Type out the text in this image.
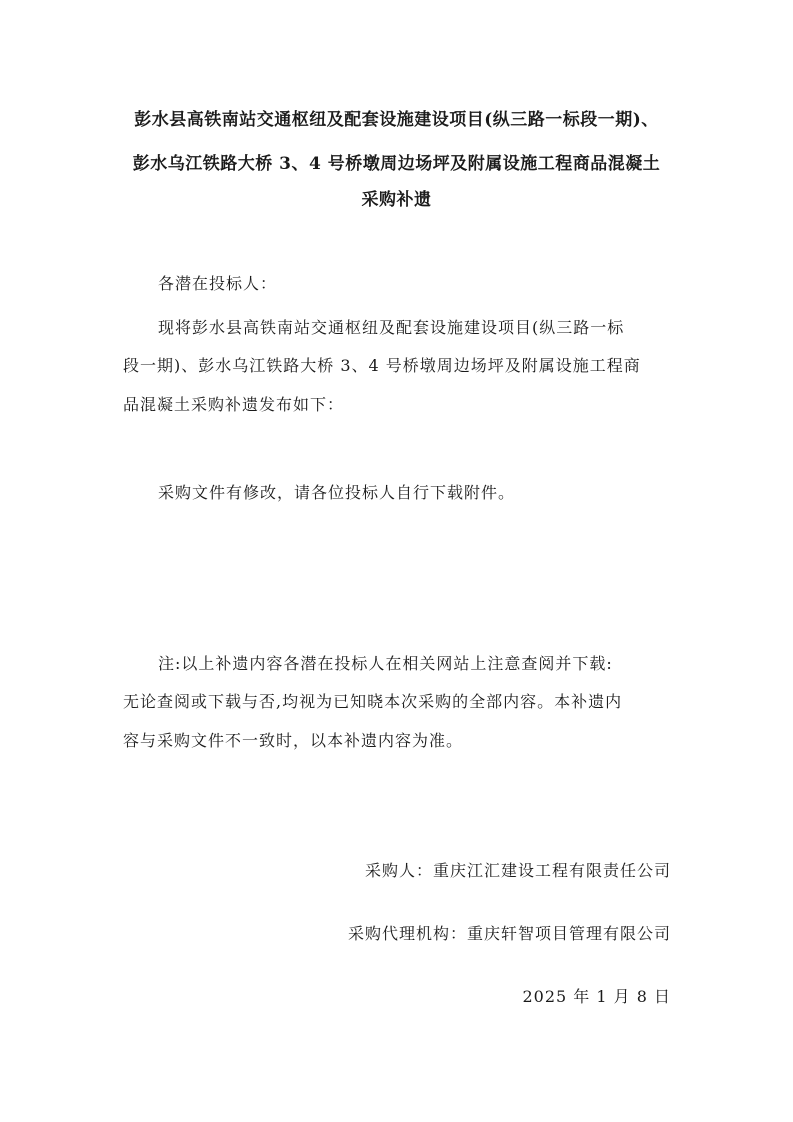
彭水县高铁南站交通枢纽及配套设施建设项目(纵三路一标段一期)、
彭水乌江铁路大桥 3、4 号桥墩周边场坪及附属设施工程商品混凝土
采购补遗
各潜在投标人：
现将彭水县高铁南站交通枢纽及配套设施建设项目(纵三路一标
段一期)、彭水乌江铁路大桥 3、4 号桥墩周边场坪及附属设施工程商
品混凝土采购补遗发布如下：
采购文件有修改，请各位投标人自行下载附件。
注:以上补遗内容各潜在投标人在相关网站上注意查阅并下载:
无论查阅或下载与否,均视为已知晓本次采购的全部内容。本补遗内
容与采购文件不一致时，以本补遗内容为准。
采购人：重庆江汇建设工程有限责任公司
采购代理机构：重庆轩智项目管理有限公司
2025 年 1 月 8 日
